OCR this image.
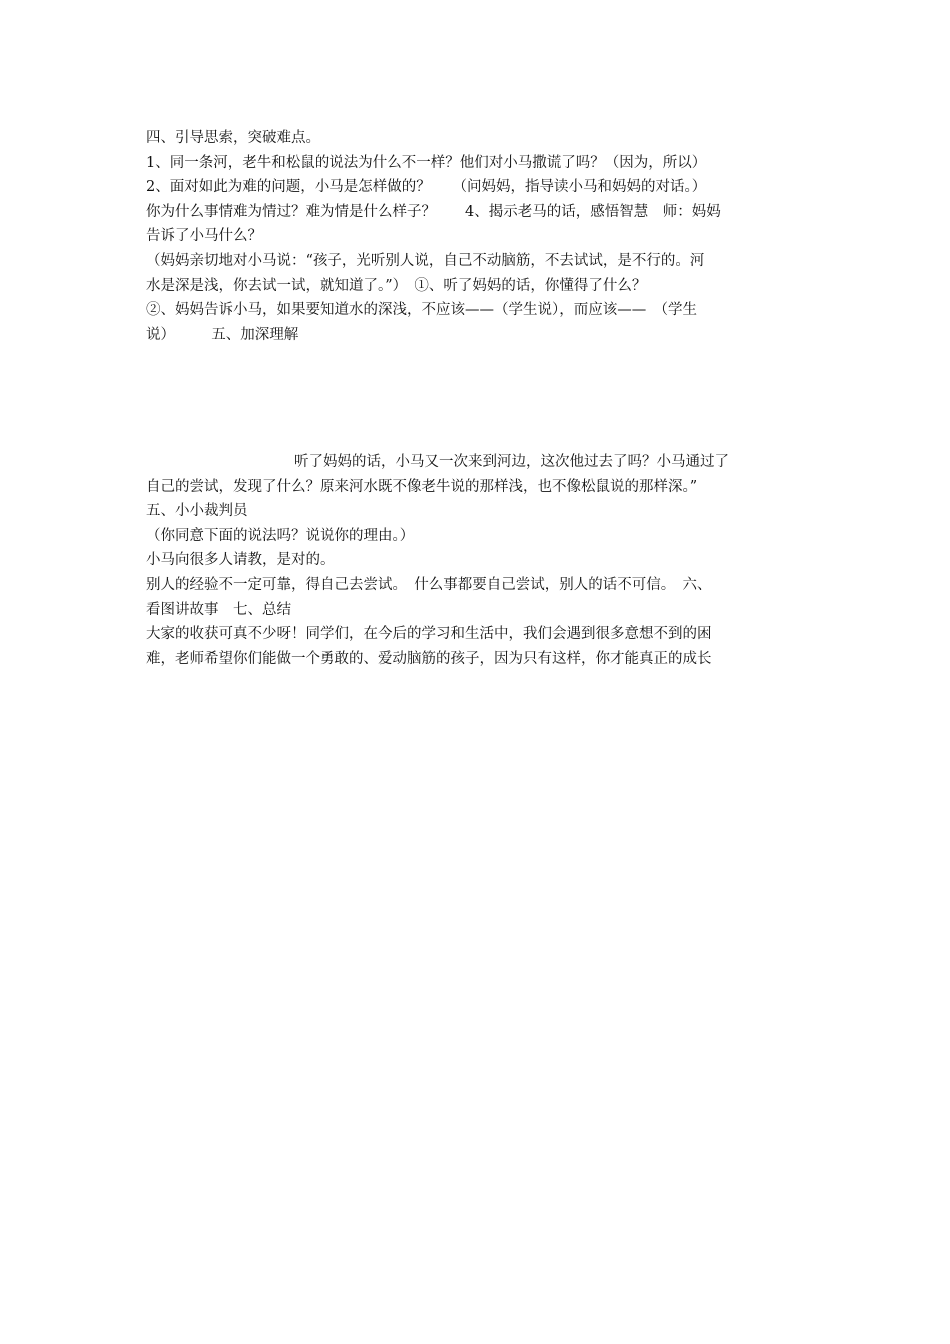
四、引导思索，突破难点。

1、同一条河，老牛和松鼠的说法为什么不一样？他们对小马撒谎了吗？（因为，所以）

2、面对如此为难的问题，小马是怎样做的？　　（问妈妈，指导读小马和妈妈的对话。）

你为什么事情难为情过？难为情是什么样子？　　4、揭示老马的话，感悟智慧　师：妈妈

告诉了小马什么？

（妈妈亲切地对小马说：“孩子，光听别人说，自己不动脑筋，不去试试，是不行的。河

水是深是浅，你去试一试，就知道了。”）　①、听了妈妈的话，你懂得了什么？

②、妈妈告诉小马，如果要知道水的深浅，不应该——（学生说），而应该——　（学生

说）　　　五、加深理解

听了妈妈的话，小马又一次来到河边，这次他过去了吗？小马通过了

自己的尝试，发现了什么？原来河水既不像老牛说的那样浅，也不像松鼠说的那样深。”

五、小小裁判员

（你同意下面的说法吗？说说你的理由。）

小马向很多人请教，是对的。

别人的经验不一定可靠，得自己去尝试。　什么事都要自己尝试，别人的话不可信。　六、

看图讲故事　七、总结

大家的收获可真不少呀！同学们，在今后的学习和生活中，我们会遇到很多意想不到的困

难，老师希望你们能做一个勇敢的、爱动脑筋的孩子，因为只有这样，你才能真正的成长
